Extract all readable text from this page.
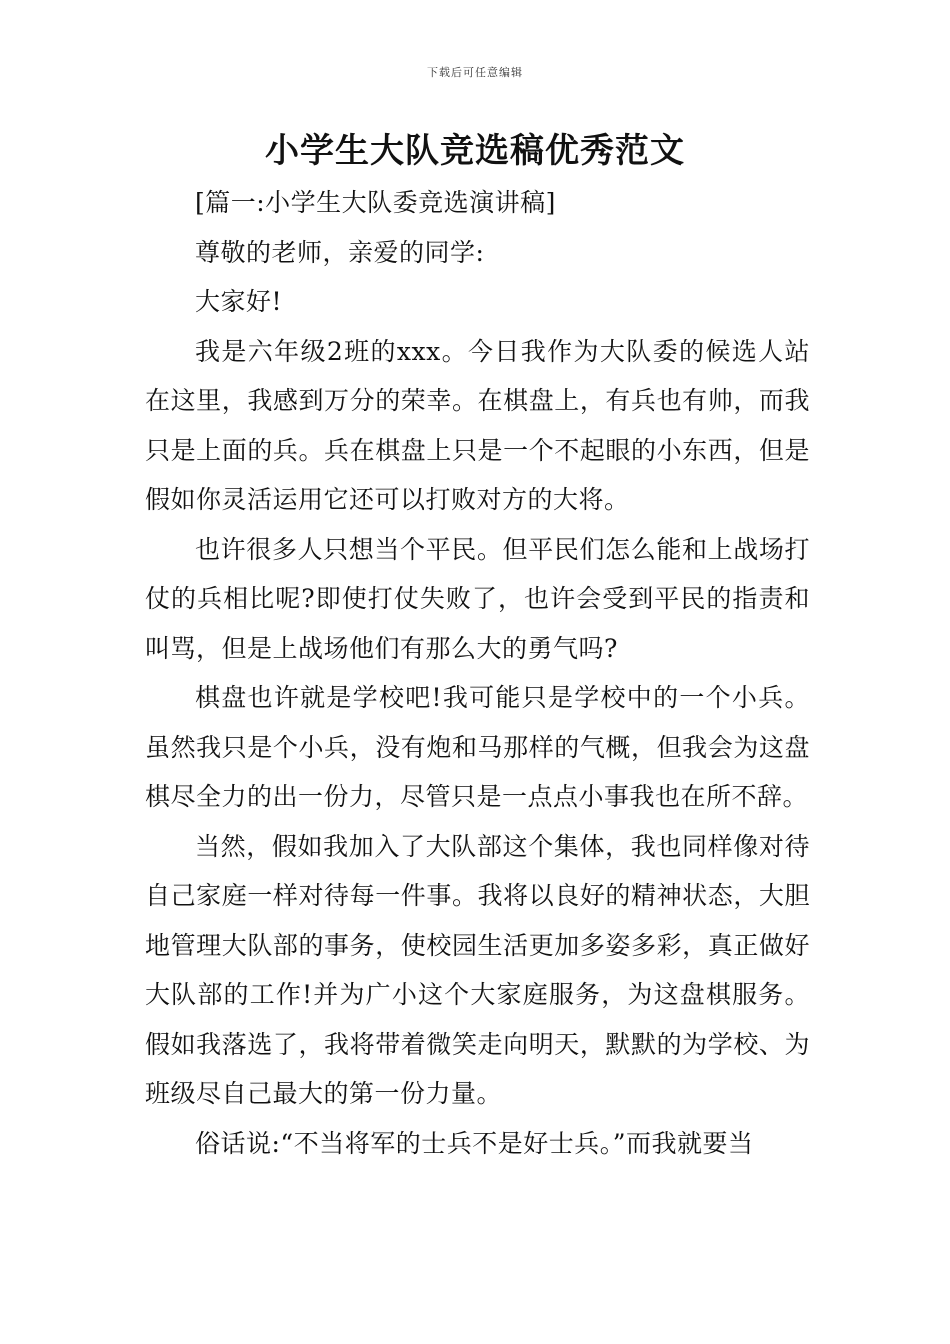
下载后可任意编辑
小学生大队竞选稿优秀范文

[篇一:小学生大队委竞选演讲稿]

尊敬的老师，亲爱的同学:

大家好!

我是六年级2班的xxx。今日我作为大队委的候选人站在这里，我感到万分的荣幸。在棋盘上，有兵也有帅，而我只是上面的兵。兵在棋盘上只是一个不起眼的小东西，但是假如你灵活运用它还可以打败对方的大将。

也许很多人只想当个平民。但平民们怎么能和上战场打仗的兵相比呢?即使打仗失败了，也许会受到平民的指责和叫骂，但是上战场他们有那么大的勇气吗?

棋盘也许就是学校吧!我可能只是学校中的一个小兵。虽然我只是个小兵，没有炮和马那样的气概，但我会为这盘棋尽全力的出一份力，尽管只是一点点小事我也在所不辞。

当然，假如我加入了大队部这个集体，我也同样像对待自己家庭一样对待每一件事。我将以良好的精神状态，大胆地管理大队部的事务，使校园生活更加多姿多彩，真正做好大队部的工作!并为广小这个大家庭服务，为这盘棋服务。假如我落选了，我将带着微笑走向明天，默默的为学校、为班级尽自己最大的第一份力量。

俗话说:“不当将军的士兵不是好士兵。”而我就要当
